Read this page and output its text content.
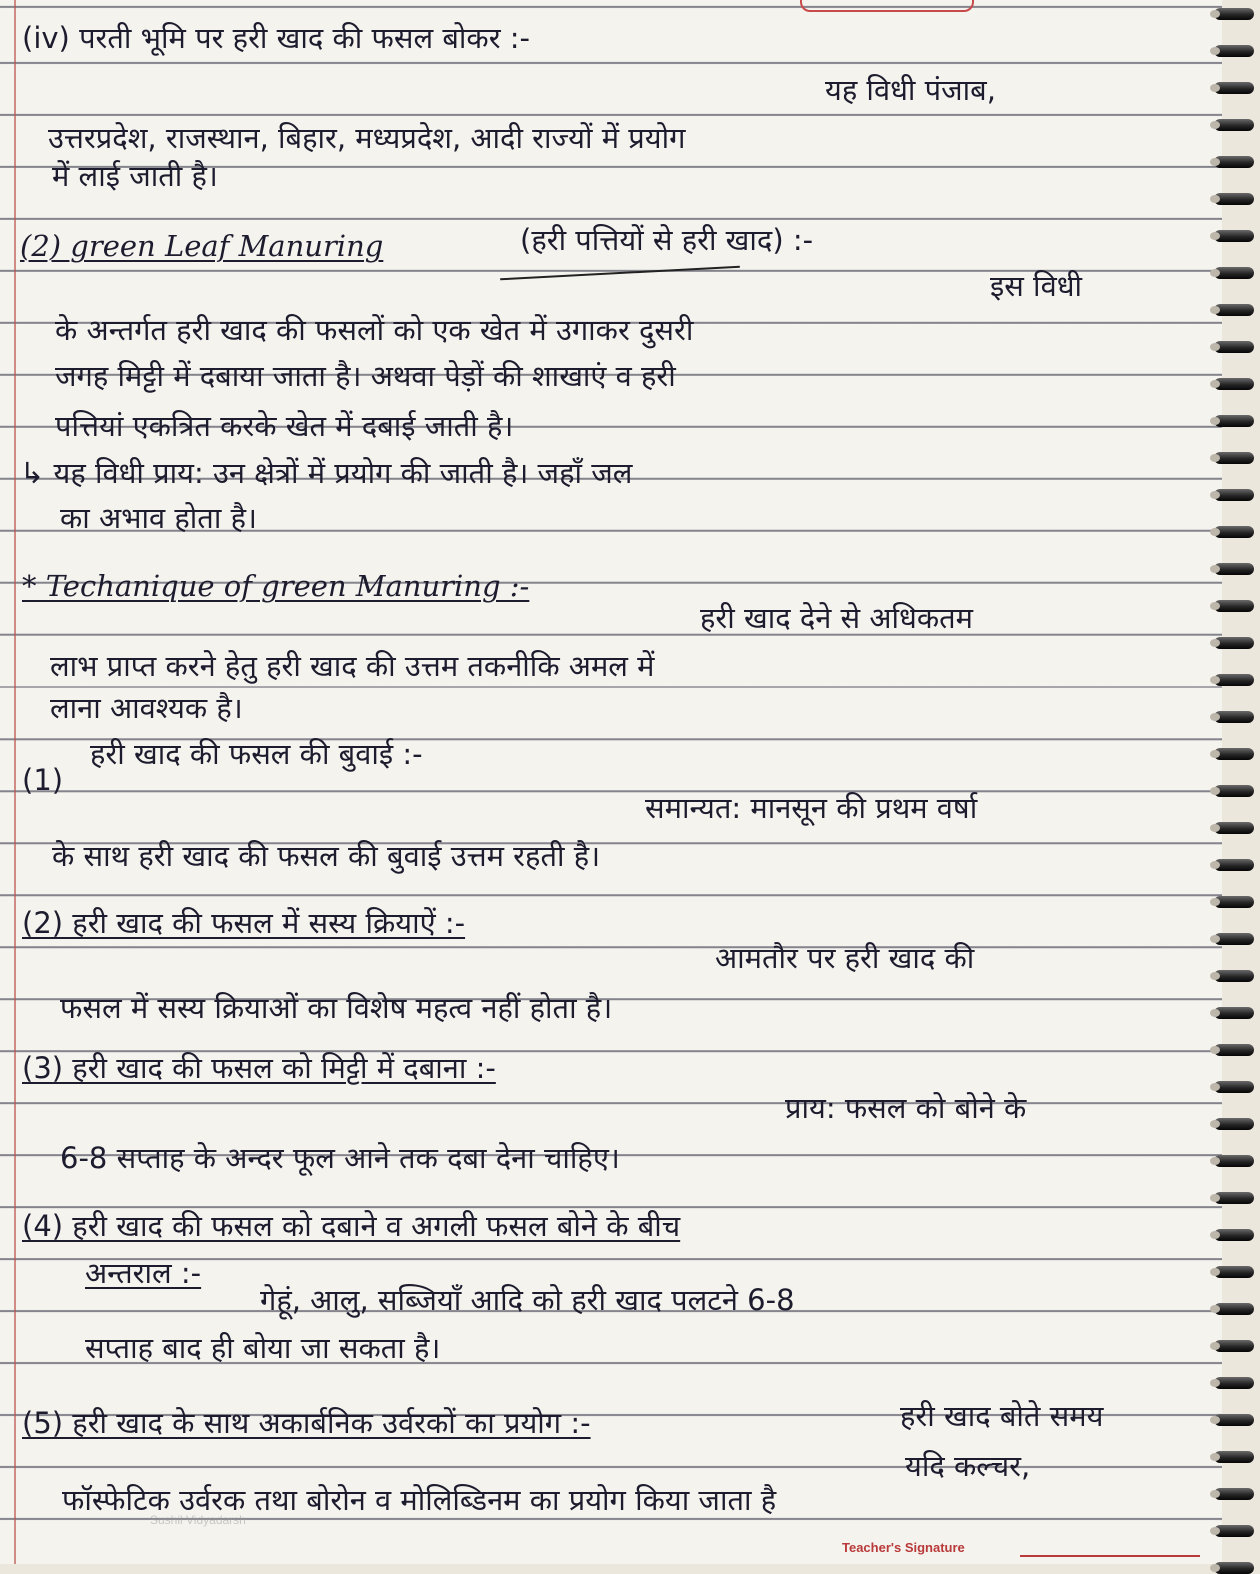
(iv) परती भूमि पर हरी खाद की फसल बोकर :-

यह विधी पंजाब,

उत्तरप्रदेश, राजस्थान, बिहार, मध्यप्रदेश, आदी राज्यों में प्रयोग

में लाई जाती है।

(2) green Leaf Manuring	(हरी पत्तियों से हरी खाद) :-

इस विधी

के अन्तर्गत हरी खाद की फसलों को एक खेत में उगाकर दुसरी

जगह मिट्टी में दबाया जाता है। अथवा पेड़ों की शाखाएं व हरी

पत्तियां एकत्रित करके खेत में दबाई जाती है।

↳ यह विधी प्राय: उन क्षेत्रों में प्रयोग की जाती है। जहाँ जल

का अभाव होता है।

* Techanique of green Manuring :-

हरी खाद देने से अधिकतम

लाभ प्राप्त करने हेतु हरी खाद की उत्तम तकनीकि अमल में

लाना आवश्यक है।

हरी खाद की फसल की बुवाई :-

(1)

समान्यत: मानसून की प्रथम वर्षा

के साथ हरी खाद की फसल की बुवाई उत्तम रहती है।

(2) हरी खाद की फसल में सस्य क्रियाऐं :-

आमतौर पर हरी खाद की

फसल में सस्य क्रियाओं का विशेष महत्व नहीं होता है।

(3) हरी खाद की फसल को मिट्टी में दबाना :-

प्राय: फसल को बोने के

6-8 सप्ताह के अन्दर फूल आने तक दबा देना चाहिए।

(4) हरी खाद की फसल को दबाने व अगली फसल बोने के बीच

अन्तराल :-

गेहूं, आलु, सब्जियाँ आदि को हरी खाद पलटने 6-8

सप्ताह बाद ही बोया जा सकता है।

(5) हरी खाद के साथ अकार्बनिक उर्वरकों का प्रयोग :-	हरी खाद बोते समय

यदि कल्चर,

फॉस्फेटिक उर्वरक तथा बोरोन व मोलिब्डिनम का प्रयोग किया जाता है

Sushil Vidyadarsh
Teacher's Signature
